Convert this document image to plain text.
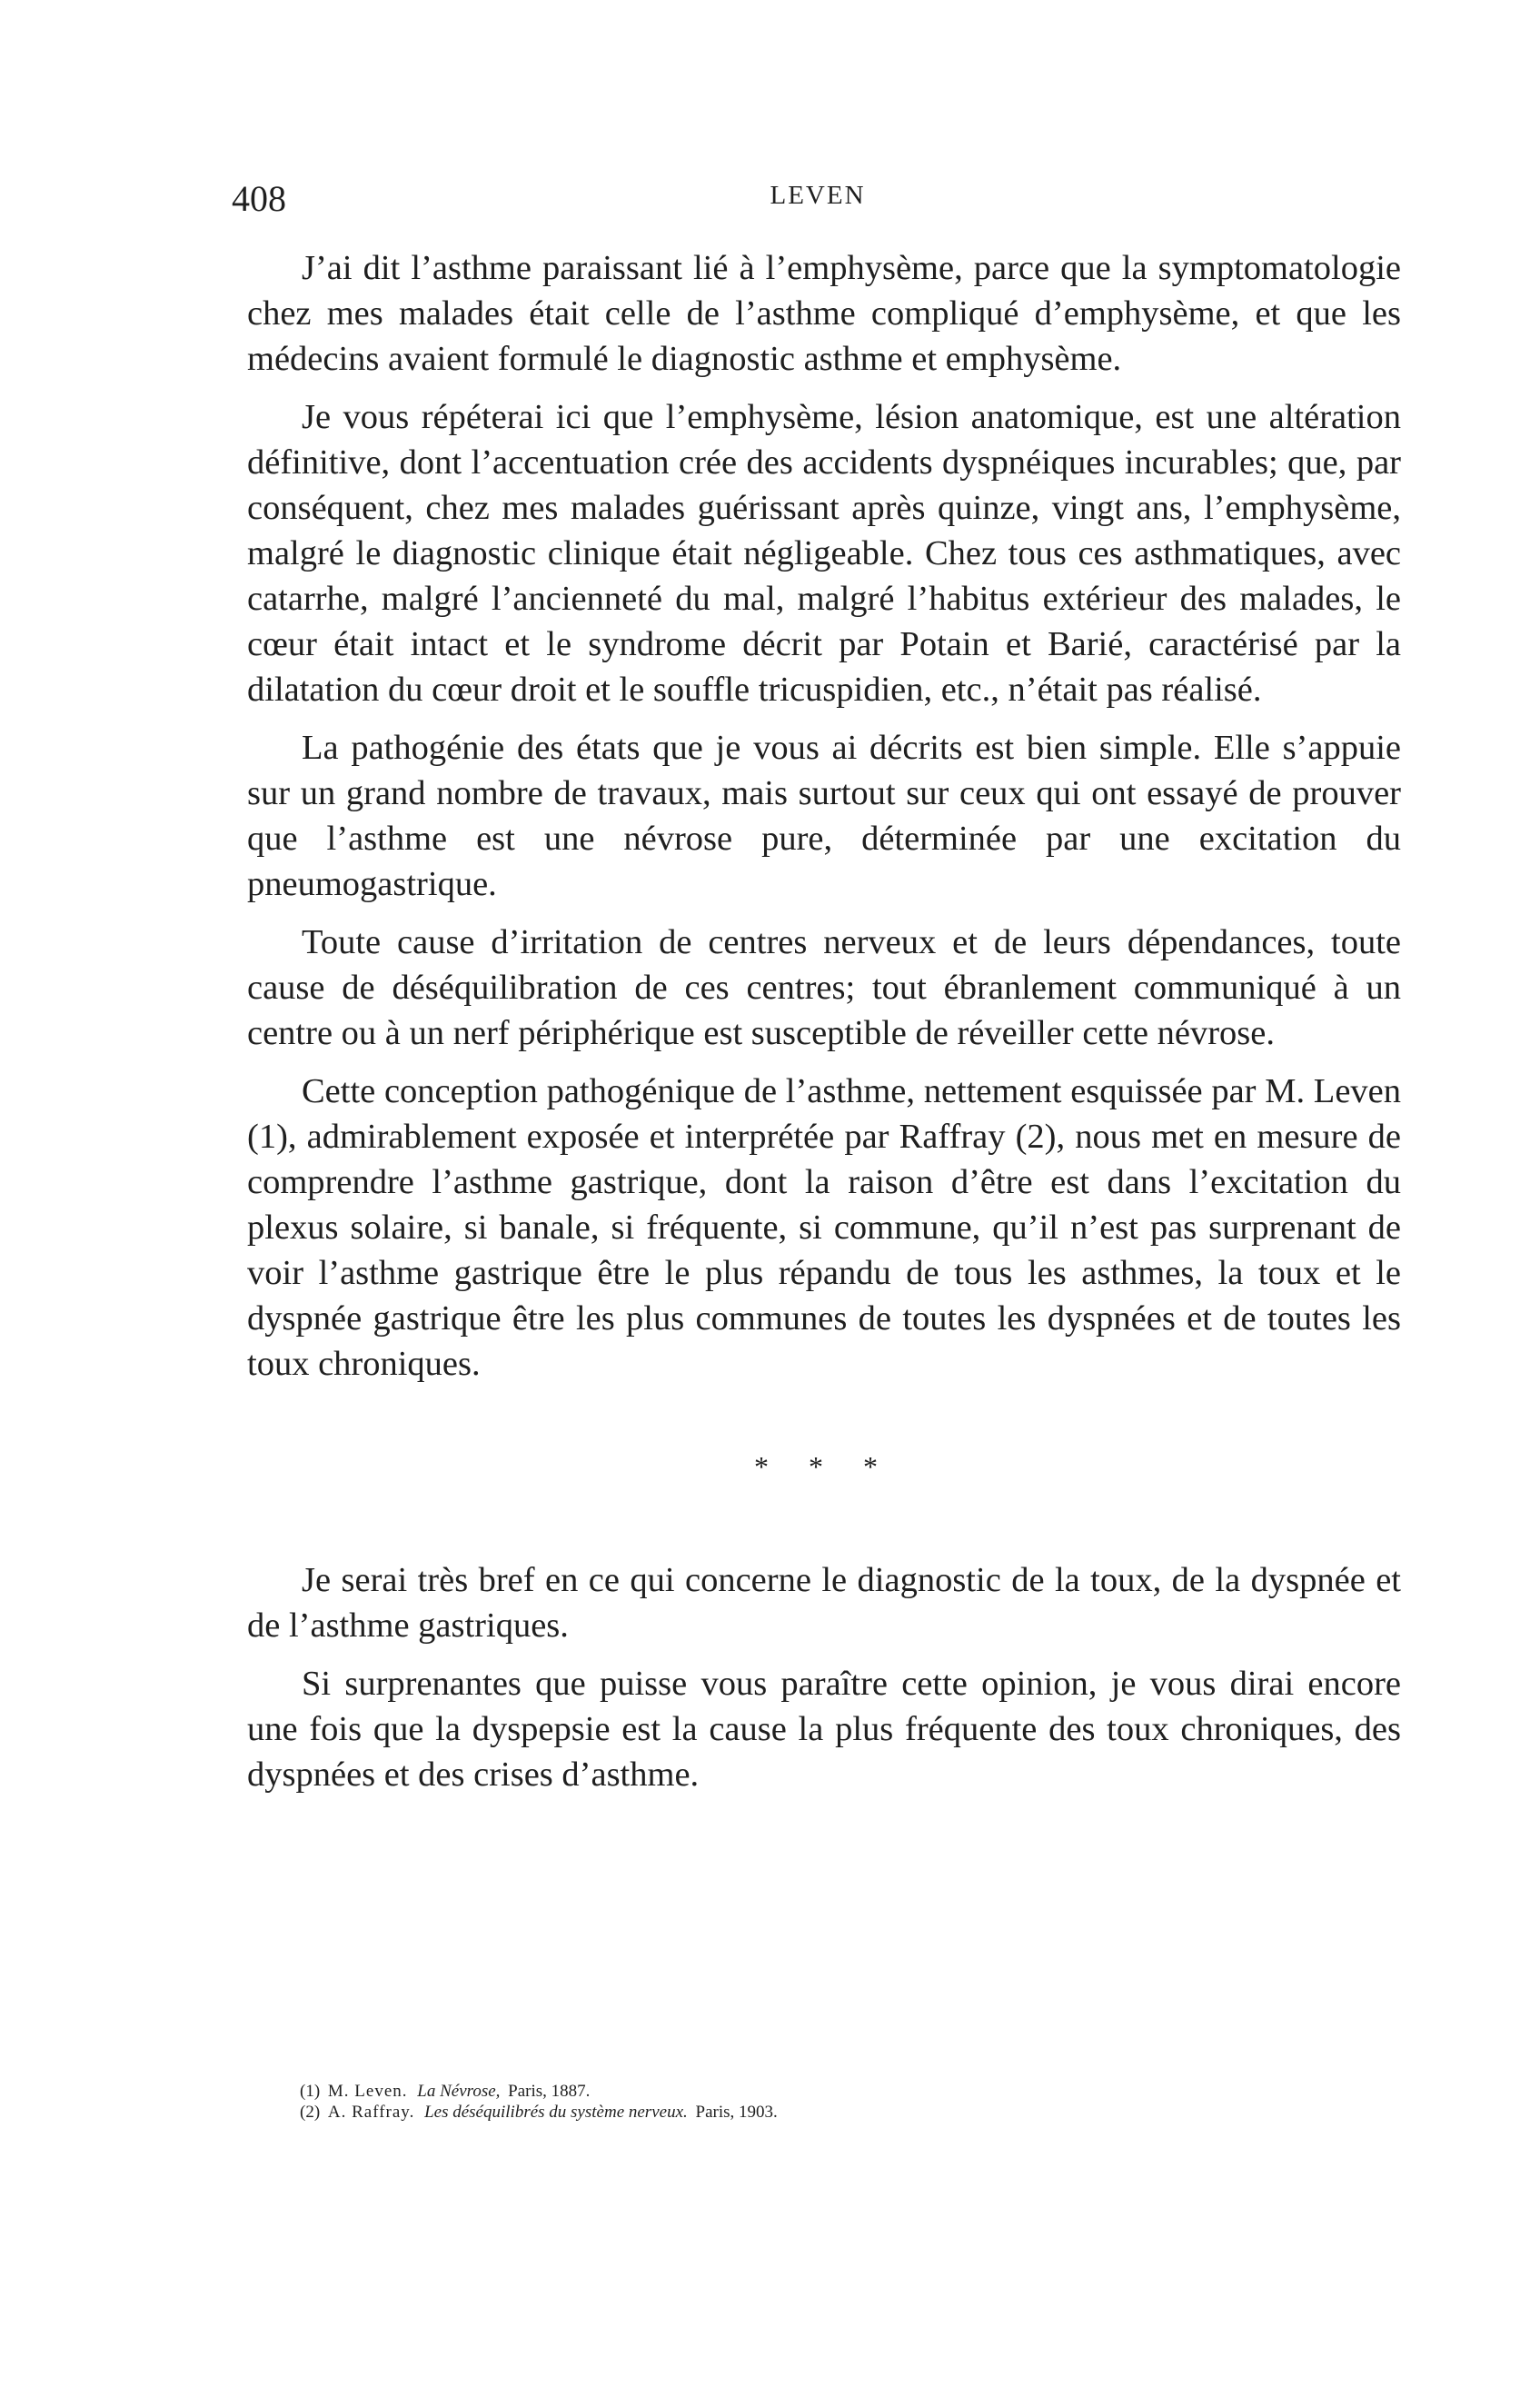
408	LEVEN

J’ai dit l’asthme paraissant lié à l’emphysème, parce que la symptomatologie chez mes malades était celle de l’asthme compliqué d’emphysème, et que les médecins avaient formulé le diagnostic asthme et emphysème.

Je vous répéterai ici que l’emphysème, lésion anatomique, est une altération définitive, dont l’accentuation crée des accidents dyspnéiques incurables; que, par conséquent, chez mes malades guérissant après quinze, vingt ans, l’emphysème, malgré le diagnostic clinique était négligeable. Chez tous ces asthmatiques, avec catarrhe, malgré l’ancienneté du mal, malgré l’habitus extérieur des malades, le cœur était intact et le syndrome décrit par Potain et Barié, caractérisé par la dilatation du cœur droit et le souffle tricuspidien, etc., n’était pas réalisé.

La pathogénie des états que je vous ai décrits est bien simple. Elle s’appuie sur un grand nombre de travaux, mais surtout sur ceux qui ont essayé de prouver que l’asthme est une névrose pure, déterminée par une excitation du pneumogastrique.

Toute cause d’irritation de centres nerveux et de leurs dépendances, toute cause de déséquilibration de ces centres; tout ébranlement communiqué à un centre ou à un nerf périphérique est susceptible de réveiller cette névrose.

Cette conception pathogénique de l’asthme, nettement esquissée par M. Leven (1), admirablement exposée et interprétée par Raffray (2), nous met en mesure de comprendre l’asthme gastrique, dont la raison d’être est dans l’excitation du plexus solaire, si banale, si fréquente, si commune, qu’il n’est pas surprenant de voir l’asthme gastrique être le plus répandu de tous les asthmes, la toux et le dyspnée gastrique être les plus communes de toutes les dyspnées et de toutes les toux chroniques.

* * *

Je serai très bref en ce qui concerne le diagnostic de la toux, de la dyspnée et de l’asthme gastriques.

Si surprenantes que puisse vous paraître cette opinion, je vous dirai encore une fois que la dyspepsie est la cause la plus fréquente des toux chroniques, des dyspnées et des crises d’asthme.

(1) M. Leven. La Névrose, Paris, 1887.

(2) A. Raffray. Les déséquilibrés du système nerveux. Paris, 1903.
